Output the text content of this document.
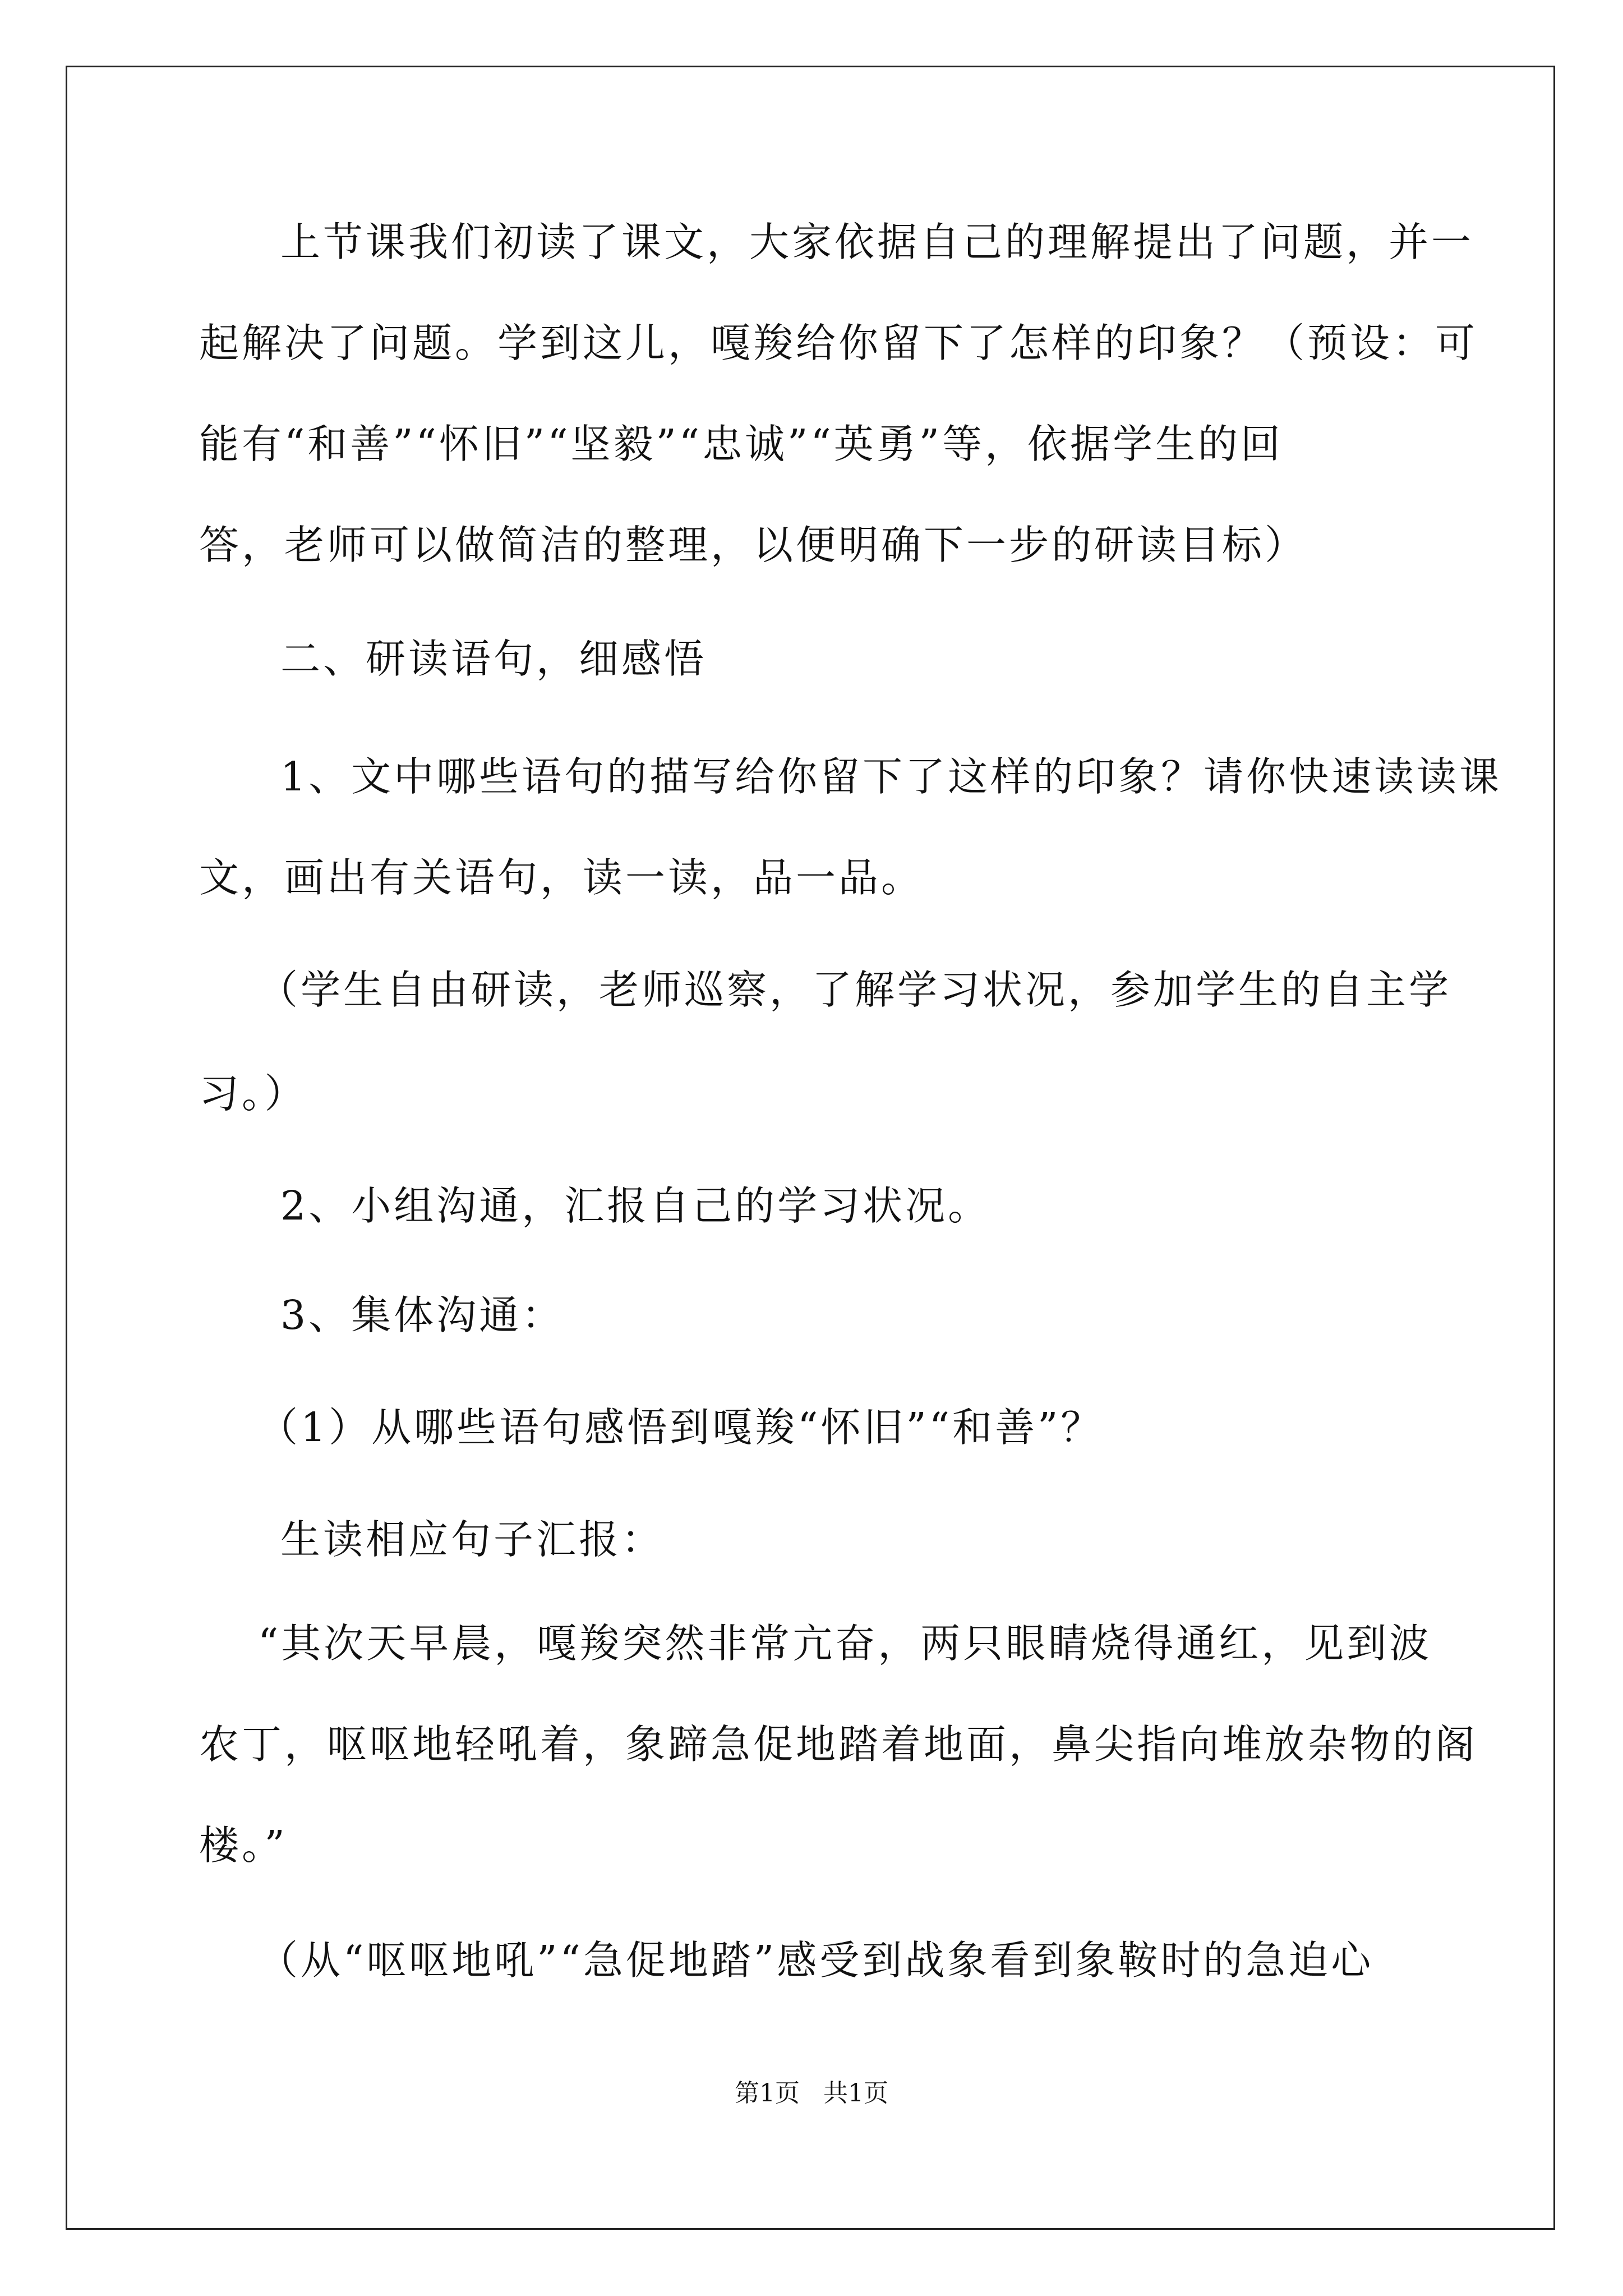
上节课我们初读了课文，大家依据自己的理解提出了问题，并一
起解决了问题。学到这儿，嘎羧给你留下了怎样的印象？（预设：可
能有“和善”“怀旧”“坚毅”“忠诚”“英勇”等，依据学生的回
答，老师可以做简洁的整理，以便明确下一步的研读目标）
二、研读语句，细感悟
1、文中哪些语句的描写给你留下了这样的印象？请你快速读读课
文，画出有关语句，读一读，品一品。
（学生自由研读，老师巡察，了解学习状况，参加学生的自主学
习。）
2、小组沟通，汇报自己的学习状况。
3、集体沟通：
（1）从哪些语句感悟到嘎羧“怀旧”“和善”？
生读相应句子汇报：
“其次天早晨，嘎羧突然非常亢奋，两只眼睛烧得通红，见到波
农丁，呕呕地轻吼着，象蹄急促地踏着地面，鼻尖指向堆放杂物的阁
楼。”
（从“呕呕地吼”“急促地踏”感受到战象看到象鞍时的急迫心
第1页   共1页
